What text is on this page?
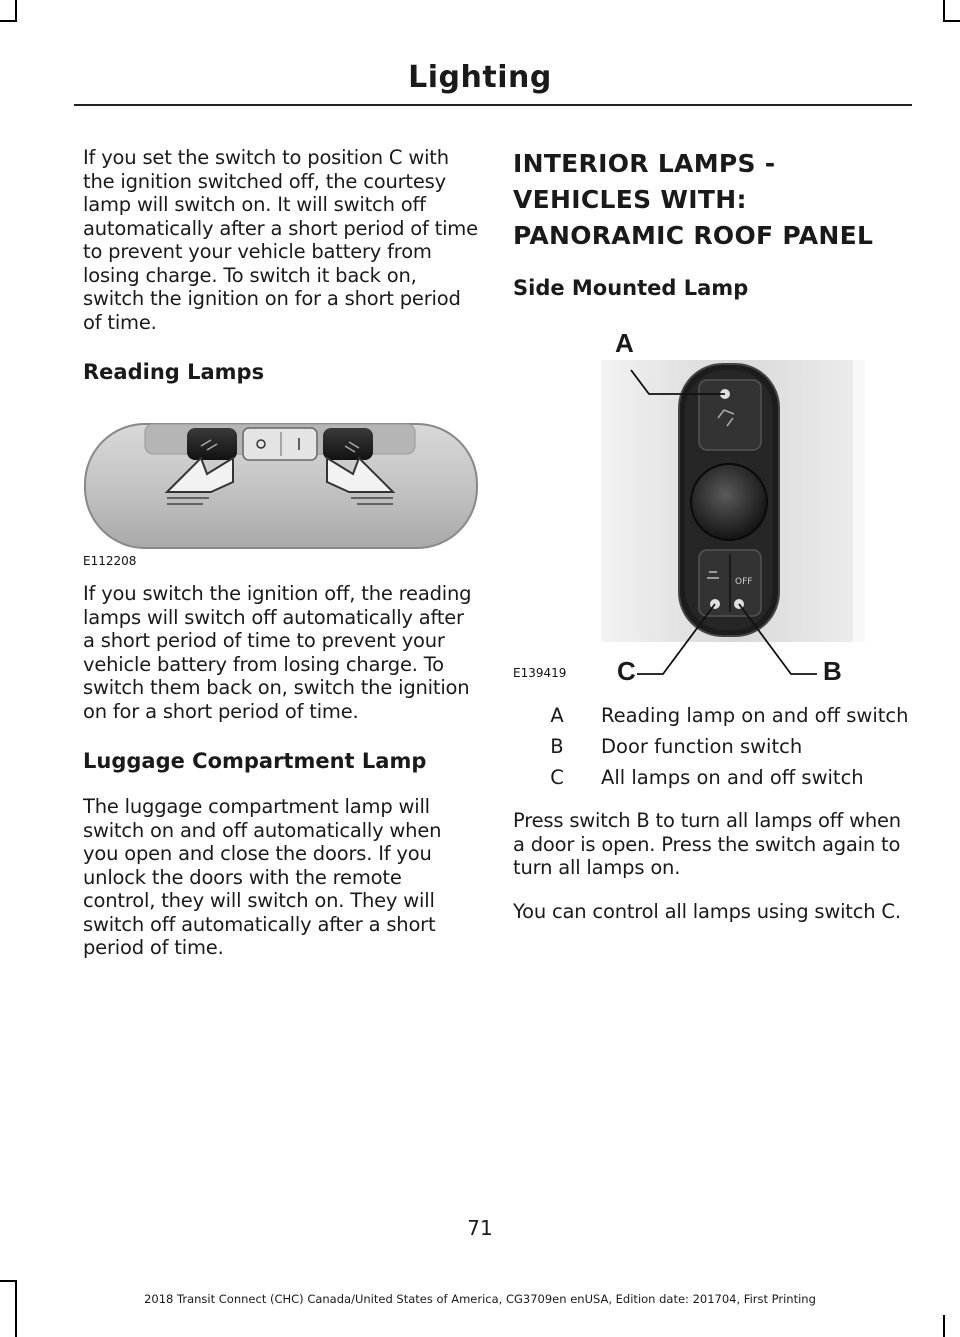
Lighting

If you set the switch to position C with the ignition switched off, the courtesy lamp will switch on. It will switch off automatically after a short period of time to prevent your vehicle battery from losing charge. To switch it back on, switch the ignition on for a short period of time.

Reading Lamps
E112208

If you switch the ignition off, the reading lamps will switch off automatically after a short period of time to prevent your vehicle battery from losing charge. To switch them back on, switch the ignition on for a short period of time.

Luggage Compartment Lamp

The luggage compartment lamp will switch on and off automatically when you open and close the doors. If you unlock the doors with the remote control, they will switch on. They will switch off automatically after a short period of time.

INTERIOR LAMPS - VEHICLES WITH: PANORAMIC ROOF PANEL
Side Mounted Lamp
OFF
A
B
C
E139419
A	Reading lamp on and off switch
B	Door function switch
C	All lamps on and off switch

Press switch B to turn all lamps off when a door is open. Press the switch again to turn all lamps on.

You can control all lamps using switch C.

71
2018 Transit Connect (CHC) Canada/United States of America, CG3709en enUSA, Edition date: 201704, First Printing
